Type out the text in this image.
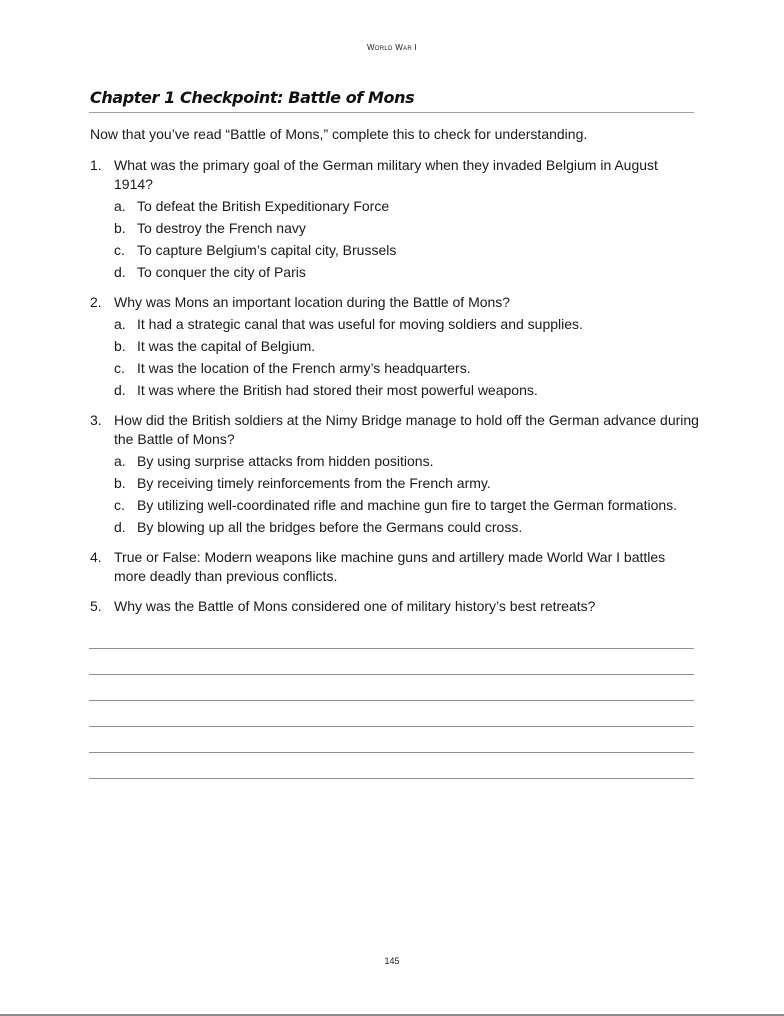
World War I
Chapter 1 Checkpoint: Battle of Mons

Now that you’ve read “Battle of Mons,” complete this to check for understanding.

1. What was the primary goal of the German military when they invaded Belgium in August 1914?
a. To defeat the British Expeditionary Force
b. To destroy the French navy
c. To capture Belgium’s capital city, Brussels
d. To conquer the city of Paris
2. Why was Mons an important location during the Battle of Mons?
a. It had a strategic canal that was useful for moving soldiers and supplies.
b. It was the capital of Belgium.
c. It was the location of the French army’s headquarters.
d. It was where the British had stored their most powerful weapons.
3. How did the British soldiers at the Nimy Bridge manage to hold off the German advance during the Battle of Mons?
a. By using surprise attacks from hidden positions.
b. By receiving timely reinforcements from the French army.
c. By utilizing well-coordinated rifle and machine gun fire to target the German formations.
d. By blowing up all the bridges before the Germans could cross.
4. True or False: Modern weapons like machine guns and artillery made World War I battles more deadly than previous conflicts.
5. Why was the Battle of Mons considered one of military history’s best retreats?
145
